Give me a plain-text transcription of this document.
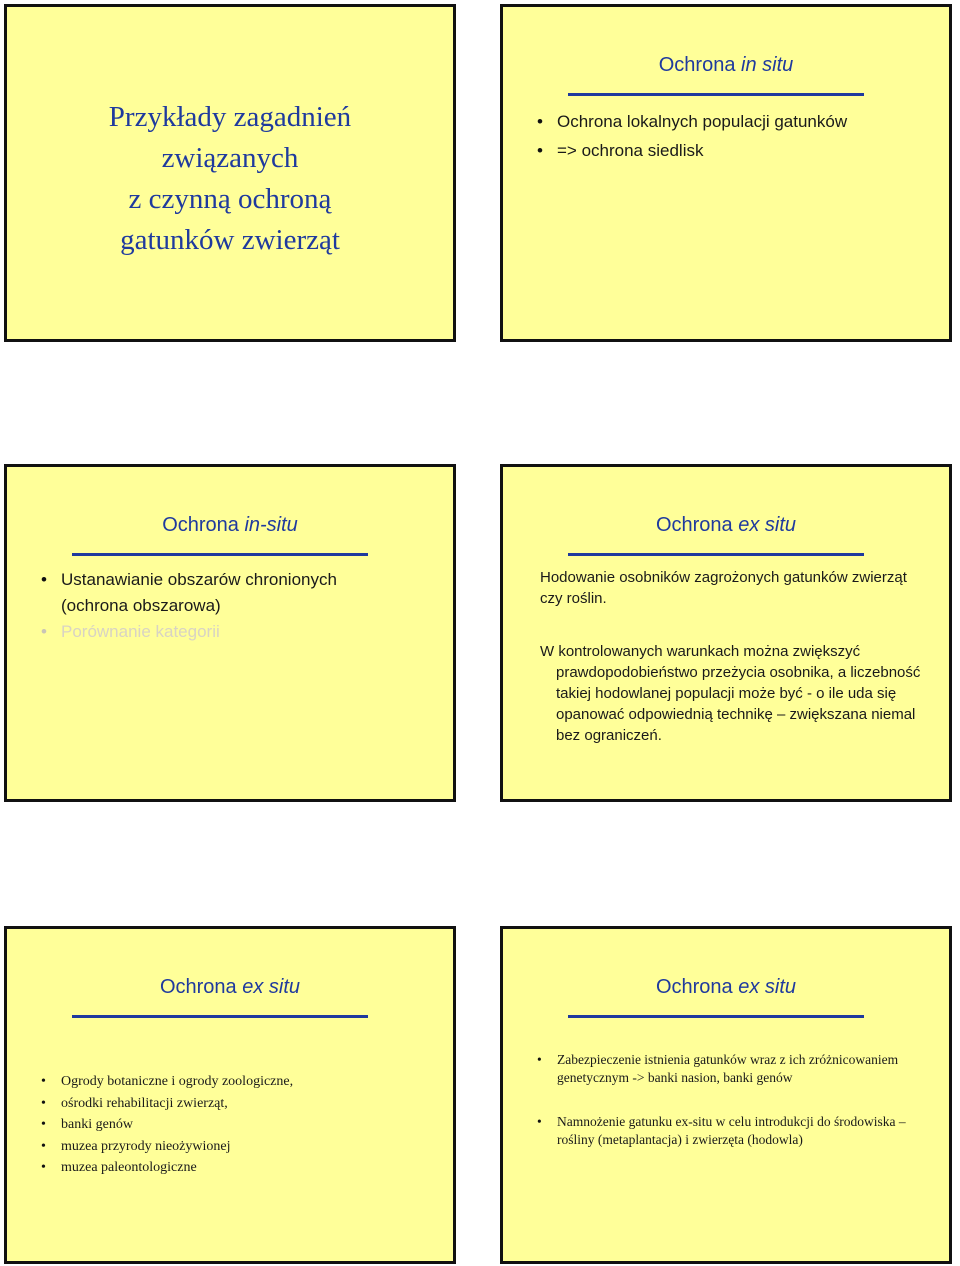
Przykłady zagadnień
związanych
z czynną ochroną
gatunków zwierząt
Ochrona in situ
• Ochrona lokalnych populacji gatunków
• => ochrona siedlisk
Ochrona in-situ
• Ustanawianie obszarów chronionych (ochrona obszarowa)
• Porównanie kategorii
Ochrona ex situ
Hodowanie osobników zagrożonych gatunków zwierząt czy roślin.
W kontrolowanych warunkach można zwiększyć prawdopodobieństwo przeżycia osobnika, a liczebność takiej hodowlanej populacji może być - o ile uda się opanować odpowiednią technikę – zwiększana niemal bez ograniczeń.
Ochrona ex situ
• Ogrody botaniczne i ogrody zoologiczne,
• ośrodki rehabilitacji zwierząt,
• banki genów
• muzea przyrody nieożywionej
• muzea paleontologiczne
Ochrona ex situ
• Zabezpieczenie istnienia gatunków wraz z ich zróżnicowaniem genetycznym -> banki nasion, banki genów
• Namnożenie gatunku ex-situ w celu introdukcji do środowiska – rośliny (metaplantacja) i zwierzęta (hodowla)
